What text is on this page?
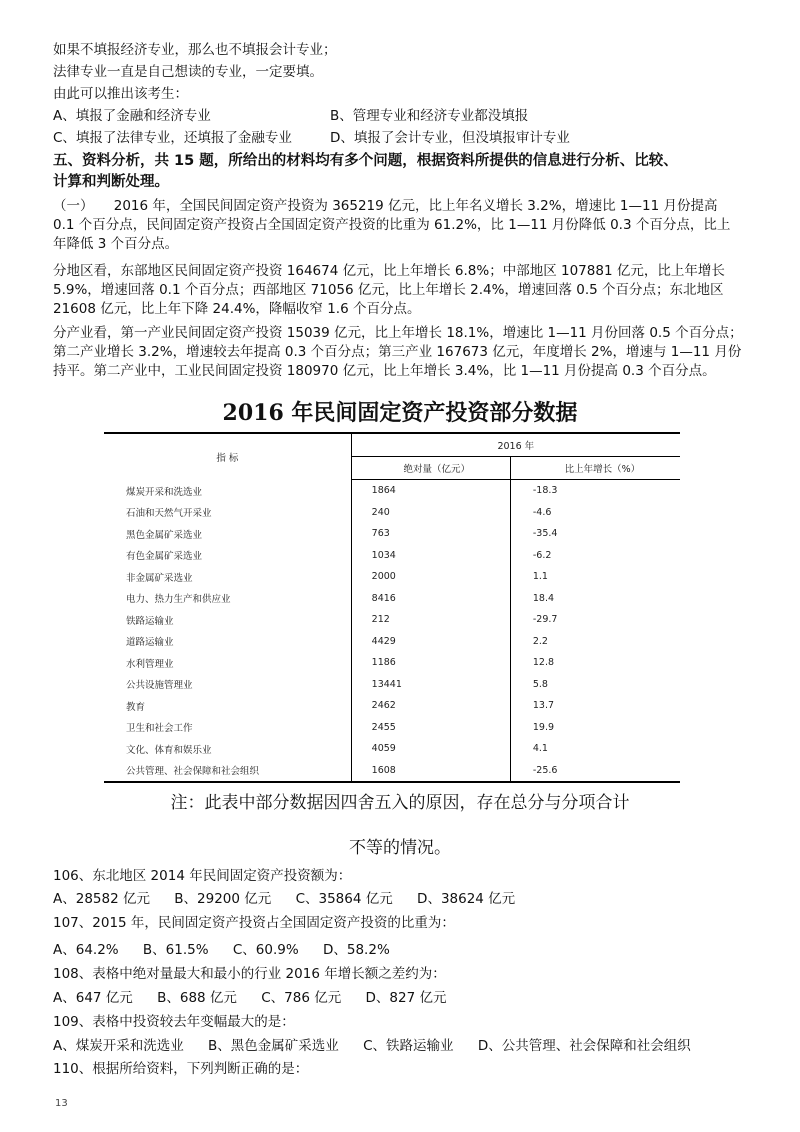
如果不填报经济专业，那么也不填报会计专业；
法律专业一直是自己想读的专业，一定要填。
由此可以推出该考生：
A、填报了金融和经济专业	B、管理专业和经济专业都没填报
C、填报了法律专业，还填报了金融专业	D、填报了会计专业，但没填报审计专业
五、资料分析，共 15 题，所给出的材料均有多个问题，根据资料所提供的信息进行分析、比较、
计算和判断处理。
（一）　　2016 年，全国民间固定资产投资为 365219 亿元，比上年名义增长 3.2%，增速比 1—11 月份提高
0.1 个百分点，民间固定资产投资占全国固定资产投资的比重为 61.2%，比 1—11 月份降低 0.3 个百分点，比上
年降低 3 个百分点。
分地区看，东部地区民间固定资产投资 164674 亿元，比上年增长 6.8%；中部地区 107881 亿元，比上年增长
5.9%，增速回落 0.1 个百分点；西部地区 71056 亿元，比上年增长 2.4%，增速回落 0.5 个百分点；东北地区
21608 亿元，比上年下降 24.4%，降幅收窄 1.6 个百分点。
分产业看，第一产业民间固定资产投资 15039 亿元，比上年增长 18.1%，增速比 1—11 月份回落 0.5 个百分点；
第二产业增长 3.2%，增速较去年提高 0.3 个百分点；第三产业 167673 亿元，年度增长 2%，增速与 1—11 月份
持平。第二产业中，工业民间固定投资 180970 亿元，比上年增长 3.4%，比 1—11 月份提高 0.3 个百分点。
2016 年民间固定资产投资部分数据
指 标	2016 年	
	绝对量（亿元）	比上年增长（%）
煤炭开采和洗选业	1864	-18.3
石油和天然气开采业	240	-4.6
黑色金属矿采选业	763	-35.4
有色金属矿采选业	1034	-6.2
非金属矿采选业	2000	1.1
电力、热力生产和供应业	8416	18.4
铁路运输业	212	-29.7
道路运输业	4429	2.2
水利管理业	1186	12.8
公共设施管理业	13441	5.8
教育	2462	13.7
卫生和社会工作	2455	19.9
文化、体育和娱乐业	4059	4.1
公共管理、社会保障和社会组织	1608	-25.6
注：此表中部分数据因四舍五入的原因，存在总分与分项合计
不等的情况。
106、东北地区 2014 年民间固定资产投资额为：
A、28582 亿元 B、29200 亿元 C、35864 亿元 D、38624 亿元
107、2015 年，民间固定资产投资占全国固定资产投资的比重为：
A、64.2% B、61.5% C、60.9% D、58.2%
108、表格中绝对量最大和最小的行业 2016 年增长额之差约为：
A、647 亿元 B、688 亿元 C、786 亿元 D、827 亿元
109、表格中投资较去年变幅最大的是：
A、煤炭开采和洗选业 B、黑色金属矿采选业 C、铁路运输业 D、公共管理、社会保障和社会组织
110、根据所给资料，下列判断正确的是：
13
